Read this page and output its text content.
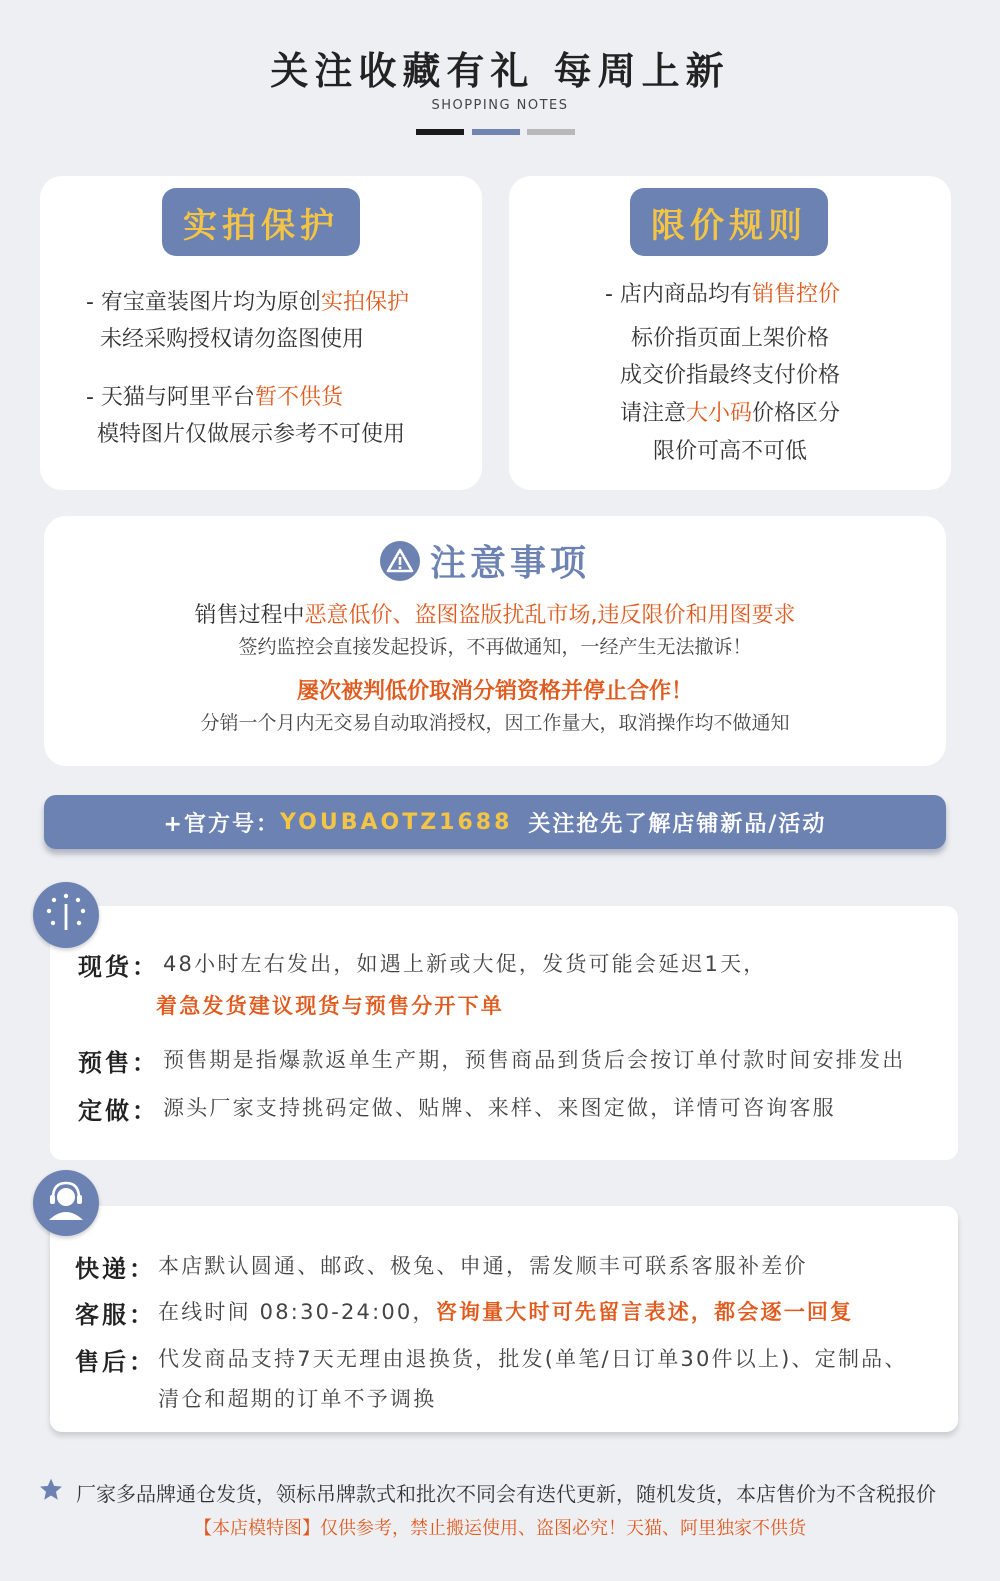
关注收藏有礼 每周上新
SHOPPING NOTES
实拍保护
- 宥宝童装图片均为原创实拍保护
未经采购授权请勿盗图使用
- 天猫与阿里平台暂不供货
模特图片仅做展示参考不可使用
限价规则
- 店内商品均有销售控价
标价指页面上架价格
成交价指最终支付价格
请注意大小码价格区分
限价可高不可低
注意事项
销售过程中恶意低价、盗图盗版扰乱市场,违反限价和用图要求
签约监控会直接发起投诉，不再做通知，一经产生无法撤诉！
屡次被判低价取消分销资格并停止合作！
分销一个月内无交易自动取消授权，因工作量大，取消操作均不做通知
+官方号： YOUBAOTZ1688 关注抢先了解店铺新品/活动
现货： 48小时左右发出，如遇上新或大促，发货可能会延迟1天，
着急发货建议现货与预售分开下单
预售： 预售期是指爆款返单生产期，预售商品到货后会按订单付款时间安排发出
定做： 源头厂家支持挑码定做、贴牌、来样、来图定做，详情可咨询客服
快递： 本店默认圆通、邮政、极兔、申通，需发顺丰可联系客服补差价
客服： 在线时间 08:30-24:00，咨询量大时可先留言表述，都会逐一回复
售后： 代发商品支持7天无理由退换货，批发(单笔/日订单30件以上)、定制品、
清仓和超期的订单不予调换
厂家多品牌通仓发货，领标吊牌款式和批次不同会有迭代更新，随机发货，本店售价为不含税报价
【本店模特图】仅供参考，禁止搬运使用、盗图必究！天猫、阿里独家不供货
